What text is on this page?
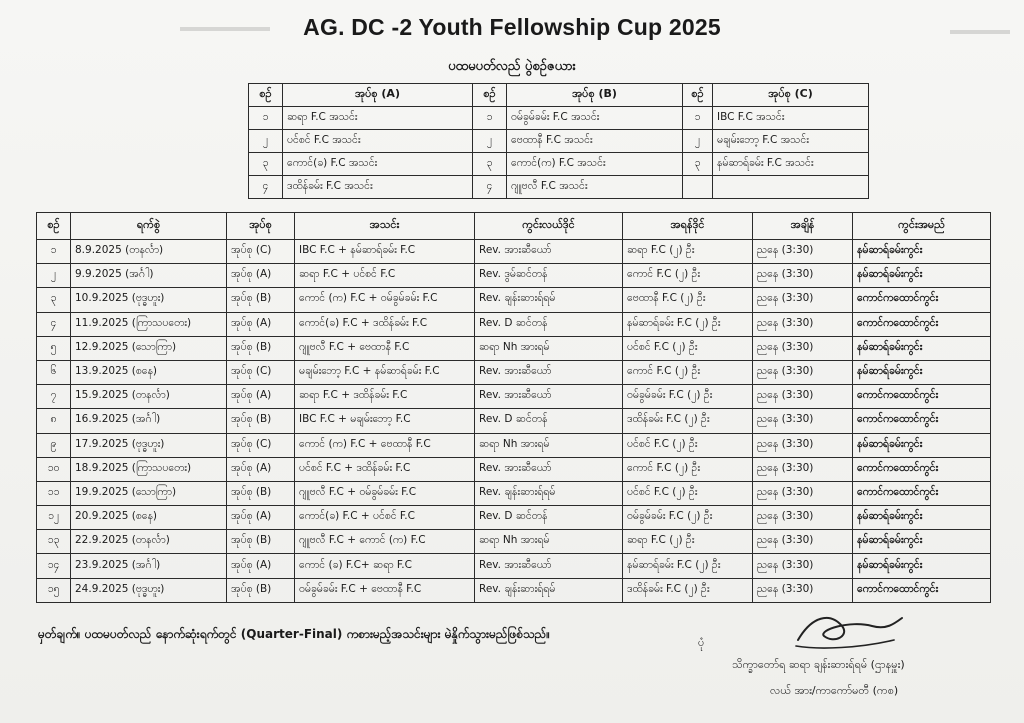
AG. DC -2 Youth Fellowship Cup 2025
ပထမပတ်လည် ပွဲစဉ်ဇယား
စဉ်	အုပ်စု (A)	စဉ်	အုပ်စု (B)	စဉ်	အုပ်စု (C)
၁	ဆရာ F.C အသင်း	၁	ဝမ်ခွမ်ခမ်း F.C အသင်း	၁	IBC F.C အသင်း
၂	ပင်စင် F.C အသင်း	၂	ဗေထာနီ F.C အသင်း	၂	မချမ်းဘော့ F.C အသင်း
၃	ကောင်(ခ) F.C အသင်း	၃	ကောင်(က) F.C အသင်း	၃	နမ်ဆာရ်ခမ်း F.C အသင်း
၄	ဒထိန်ခမ်း F.C အသင်း	၄	ဂျူဗလီ F.C အသင်း		
စဉ်	ရက်စွဲ	အုပ်စု	အသင်း	ကွင်းလယ်ဒိုင်	အရန်ဒိုင်	အချိန်	ကွင်းအမည်
၁	8.9.2025 (တနင်္လာ)	အုပ်စု (C)	IBC F.C + နမ်ဆာရ်ခမ်း F.C	Rev. အားဆီယော်	ဆရာ F.C (၂) ဦး	ညနေ (3:30)	နမ်ဆာရ်ခမ်းကွင်း
၂	9.9.2025 (အင်္ဂါ)	အုပ်စု (A)	ဆရာ F.C + ပင်စင် F.C	Rev. ဒွမ်ဆင်တန်	ကောင် F.C (၂) ဦး	ညနေ (3:30)	နမ်ဆာရ်ခမ်းကွင်း
၃	10.9.2025 (ဗုဒ္ဓဟူး)	အုပ်စု (B)	ကောင် (က) F.C + ဝမ်ခွမ်ခမ်း F.C	Rev. ချန်းဆားရ်ရမ်	ဗေထာနီ F.C (၂) ဦး	ညနေ (3:30)	ကောင်ကထောင်ကွင်း
၄	11.9.2025 (ကြာသပတေး)	အုပ်စု (A)	ကောင်(ခ) F.C + ဒထိန်ခမ်း F.C	Rev. D ဆင်တန်	နမ်ဆာရ်ခမ်း F.C (၂) ဦး	ညနေ (3:30)	ကောင်ကထောင်ကွင်း
၅	12.9.2025 (သောကြာ)	အုပ်စု (B)	ဂျူဗလီ F.C + ဗေထာနီ F.C	ဆရာ Nh အားရမ်	ပင်စင် F.C (၂) ဦး	ညနေ (3:30)	နမ်ဆာရ်ခမ်းကွင်း
၆	13.9.2025 (စနေ)	အုပ်စု (C)	မချမ်းဘော့ F.C + နမ်ဆာရ်ခမ်း F.C	Rev. အားဆီယော်	ကောင် F.C (၂) ဦး	ညနေ (3:30)	နမ်ဆာရ်ခမ်းကွင်း
၇	15.9.2025 (တနင်္လာ)	အုပ်စု (A)	ဆရာ F.C + ဒထိန်ခမ်း F.C	Rev. အားဆီယော်	ဝမ်ခွမ်ခမ်း F.C (၂) ဦး	ညနေ (3:30)	ကောင်ကထောင်ကွင်း
၈	16.9.2025 (အင်္ဂါ)	အုပ်စု (B)	IBC F.C + မချမ်းဘော့ F.C	Rev. D ဆင်တန်	ဒထိန်ခမ်း F.C (၂) ဦး	ညနေ (3:30)	ကောင်ကထောင်ကွင်း
၉	17.9.2025 (ဗုဒ္ဓဟူး)	အုပ်စု (C)	ကောင် (က) F.C + ဗေထာနီ F.C	ဆရာ Nh အားရမ်	ပင်စင် F.C (၂) ဦး	ညနေ (3:30)	နမ်ဆာရ်ခမ်းကွင်း
၁၀	18.9.2025 (ကြာသပတေး)	အုပ်စု (A)	ပင်စင် F.C + ဒထိန်ခမ်း F.C	Rev. အားဆီယော်	ကောင် F.C (၂) ဦး	ညနေ (3:30)	ကောင်ကထောင်ကွင်း
၁၁	19.9.2025 (သောကြာ)	အုပ်စု (B)	ဂျူဗလီ F.C + ဝမ်ခွမ်ခမ်း F.C	Rev. ချန်းဆားရ်ရမ်	ပင်စင် F.C (၂) ဦး	ညနေ (3:30)	ကောင်ကထောင်ကွင်း
၁၂	20.9.2025 (စနေ)	အုပ်စု (A)	ကောင်(ခ) F.C + ပင်စင် F.C	Rev. D ဆင်တန်	ဝမ်ခွမ်ခမ်း F.C (၂) ဦး	ညနေ (3:30)	နမ်ဆာရ်ခမ်းကွင်း
၁၃	22.9.2025 (တနင်္လာ)	အုပ်စု (B)	ဂျူဗလီ F.C + ကောင် (က) F.C	ဆရာ Nh အားရမ်	ဆရာ F.C (၂) ဦး	ညနေ (3:30)	နမ်ဆာရ်ခမ်းကွင်း
၁၄	23.9.2025 (အင်္ဂါ)	အုပ်စု (A)	ကောင် (ခ) F.C+ ဆရာ F.C	Rev. အားဆီယော်	နမ်ဆာရ်ခမ်း F.C (၂) ဦး	ညနေ (3:30)	နမ်ဆာရ်ခမ်းကွင်း
၁၅	24.9.2025 (ဗုဒ္ဓဟူး)	အုပ်စု (B)	ဝမ်ခွမ်ခမ်း F.C + ဗေထာနီ F.C	Rev. ချန်းဆားရ်ရမ်	ဒထိန်ခမ်း F.C (၂) ဦး	ညနေ (3:30)	ကောင်ကထောင်ကွင်း
မှတ်ချက်။ ပထမပတ်လည် နောက်ဆုံးရက်တွင် (Quarter-Final) ကစားမည့်အသင်းများ မဲနှိုက်သွားမည်ဖြစ်သည်။
ပုံ
သိက္ခာတော်ရ ဆရာ ချန်းဆားရ်ရမ် (ဌာနမှူး)
လယ် အား/ကာကော်မတီ (ကစ)
